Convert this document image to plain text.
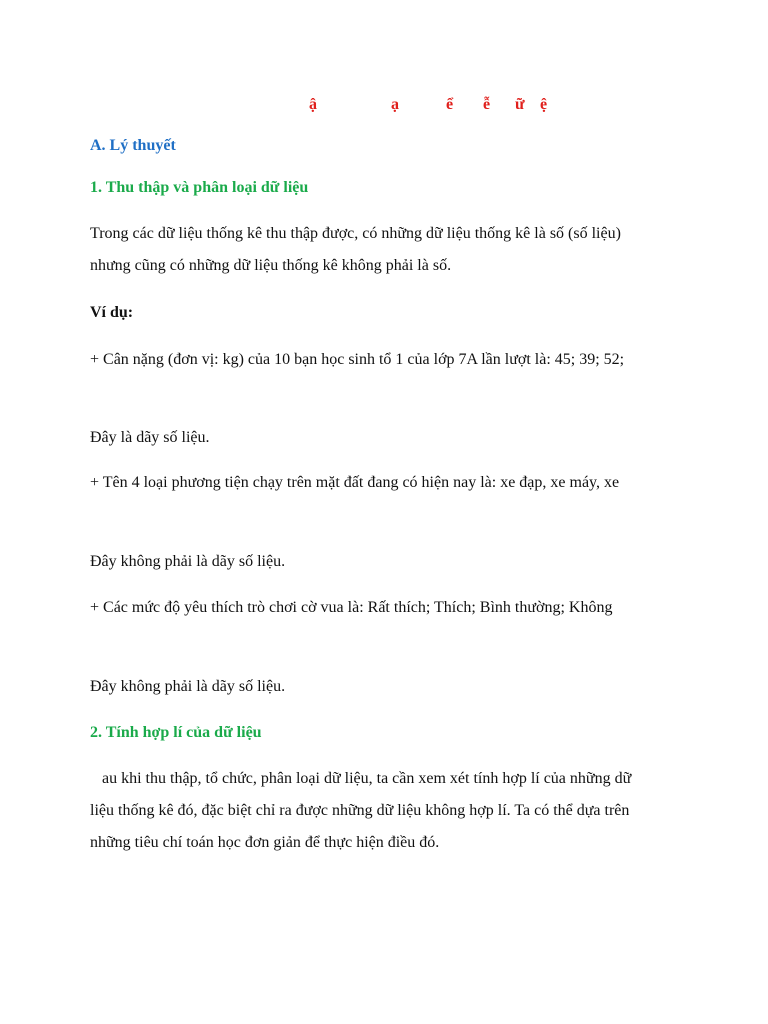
ậ	ạ	ể ễ ữ ệ
A. Lý thuyết
1. Thu thập và phân loại dữ liệu
Trong các dữ liệu thống kê thu thập được, có những dữ liệu thống kê là số (số liệu)
nhưng cũng có những dữ liệu thống kê không phải là số.
Ví dụ:
+ Cân nặng (đơn vị: kg) của 10 bạn học sinh tổ 1 của lớp 7A lần lượt là: 45; 39; 52;
Đây là dãy số liệu.
+ Tên 4 loại phương tiện chạy trên mặt đất đang có hiện nay là: xe đạp, xe máy, xe
Đây không phải là dãy số liệu.
+ Các mức độ yêu thích trò chơi cờ vua là: Rất thích; Thích; Bình thường; Không
Đây không phải là dãy số liệu.
2. Tính hợp lí của dữ liệu
au khi thu thập, tổ chức, phân loại dữ liệu, ta cần xem xét tính hợp lí của những dữ
liệu thống kê đó, đặc biệt chỉ ra được những dữ liệu không hợp lí. Ta có thể dựa trên
những tiêu chí toán học đơn giản để thực hiện điều đó.
